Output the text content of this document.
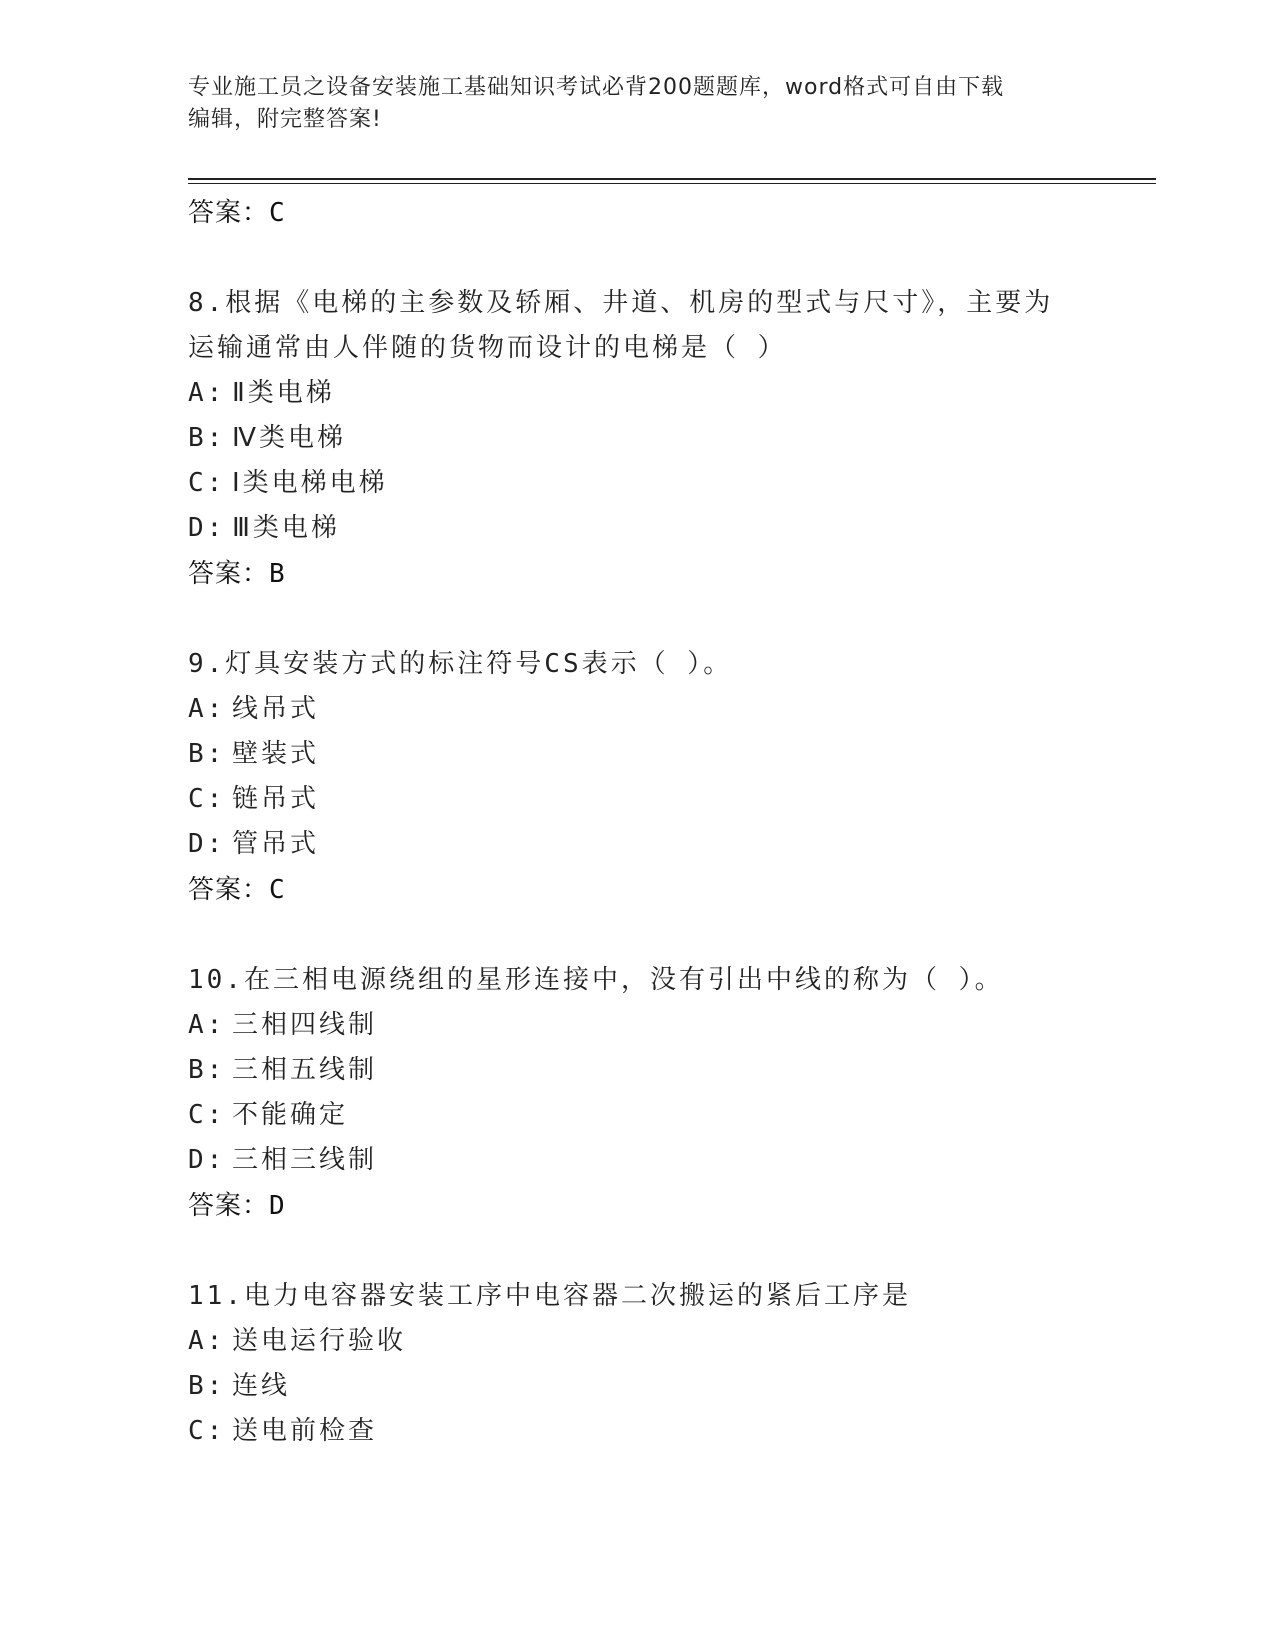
专业施工员之设备安装施工基础知识考试必背200题题库，word格式可自由下载
编辑，附完整答案!
答案：C
8.根据《电梯的主参数及轿厢、井道、机房的型式与尺寸》，主要为
运输通常由人伴随的货物而设计的电梯是（ ）
A: Ⅱ类电梯
B: Ⅳ类电梯
C: Ⅰ类电梯电梯
D: Ⅲ类电梯
答案：B
9.灯具安装方式的标注符号CS表示（ ）。
A: 线吊式
B: 壁装式
C: 链吊式
D: 管吊式
答案：C
10.在三相电源绕组的星形连接中，没有引出中线的称为（ ）。
A: 三相四线制
B: 三相五线制
C: 不能确定
D: 三相三线制
答案：D
11.电力电容器安装工序中电容器二次搬运的紧后工序是
A: 送电运行验收
B: 连线
C: 送电前检查
